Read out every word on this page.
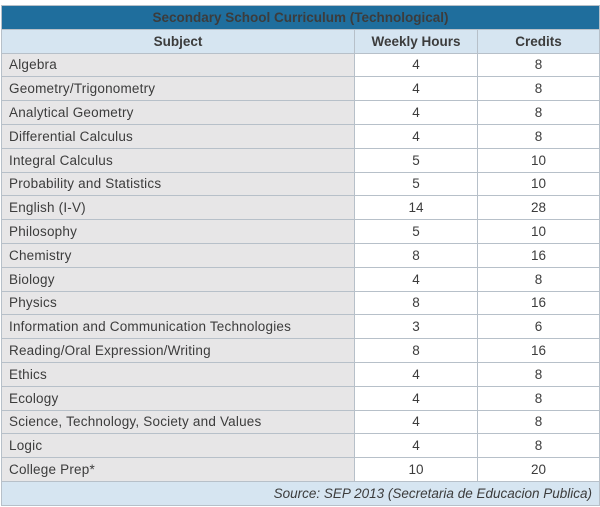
Secondary School Curriculum (Technological)		
Subject	Weekly Hours	Credits
Algebra	4	8
Geometry/Trigonometry	4	8
Analytical Geometry	4	8
Differential Calculus	4	8
Integral Calculus	5	10
Probability and Statistics	5	10
English (I-V)	14	28
Philosophy	5	10
Chemistry	8	16
Biology	4	8
Physics	8	16
Information and Communication Technologies	3	6
Reading/Oral Expression/Writing	8	16
Ethics	4	8
Ecology	4	8
Science, Technology, Society and Values	4	8
Logic	4	8
College Prep*	10	20
Source: SEP 2013 (Secretaria de Educacion Publica)		
